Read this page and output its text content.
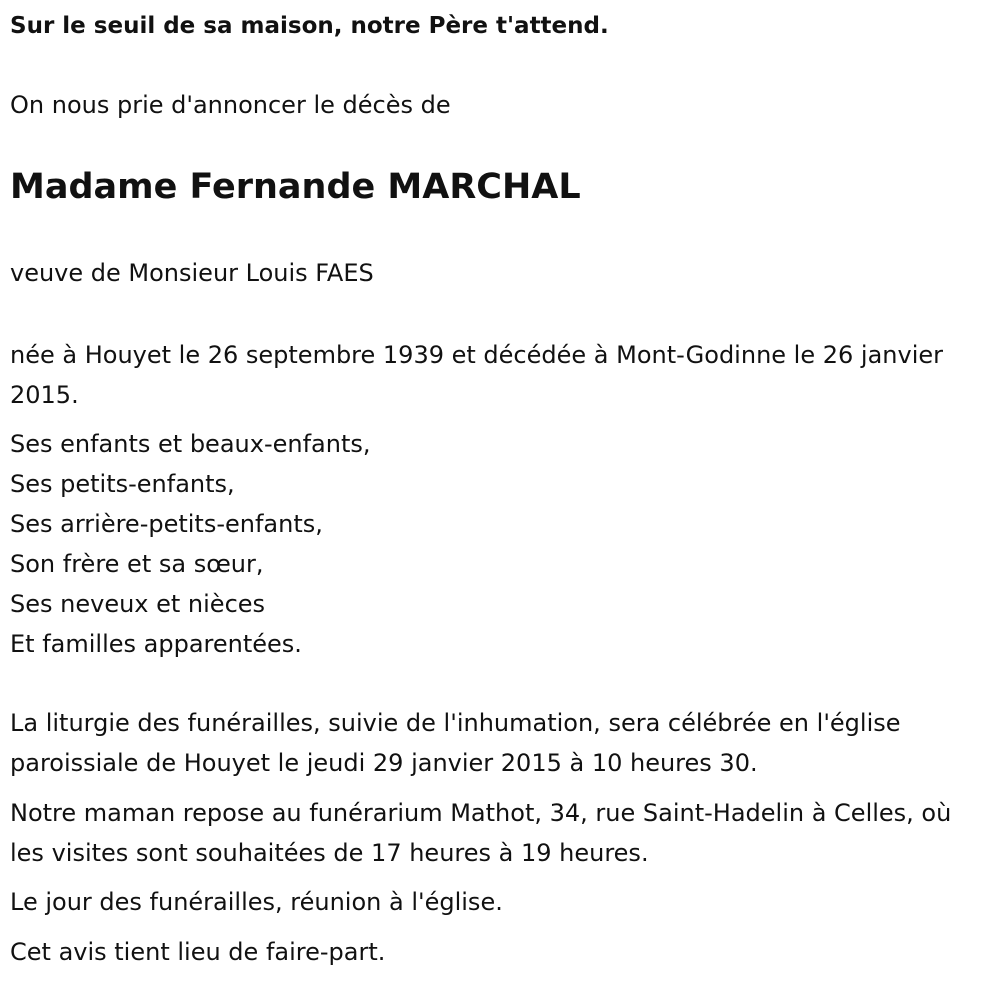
Sur le seuil de sa maison, notre Père t'attend.

On nous prie d'annoncer le décès de

Madame Fernande MARCHAL

veuve de Monsieur Louis FAES

née à Houyet le 26 septembre 1939 et décédée à Mont-Godinne le 26 janvier 2015.

Ses enfants et beaux-enfants,
Ses petits-enfants,
Ses arrière-petits-enfants,
Son frère et sa sœur,
Ses neveux et nièces
Et familles apparentées.

La liturgie des funérailles, suivie de l'inhumation, sera célébrée en l'église paroissiale de Houyet le jeudi 29 janvier 2015 à 10 heures 30.

Notre maman repose au funérarium Mathot, 34, rue Saint-Hadelin à Celles, où les visites sont souhaitées de 17 heures à 19 heures.

Le jour des funérailles, réunion à l'église.

Cet avis tient lieu de faire-part.
